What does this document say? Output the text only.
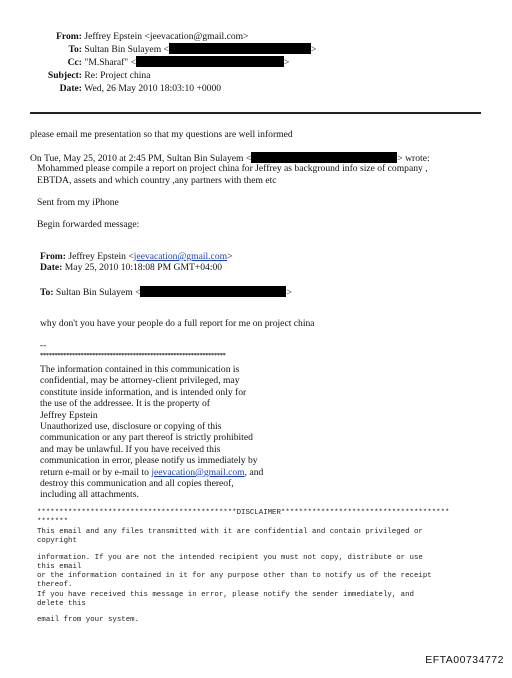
From: Jeffrey Epstein <jeevacation@gmail.com>
To: Sultan Bin Sulayem <	>
Cc: "M.Sharaf" <	>
Subject: Re: Project china
Date: Wed, 26 May 2010 18:03:10 +0000
please email me presentation so that my questions are well informed
On Tue, May 25, 2010 at 2:45 PM, Sultan Bin Sulayem <	> wrote:
Mohammed please compile a report on project china for Jeffrey as background info size of company ,
EBTDA, assets and which country ,any partners with them etc
Sent from my iPhone
Begin forwarded message:
From: Jeffrey Epstein <jeevacation@gmail.com>
Date: May 25, 2010 10:18:08 PM GMT+04:00
To: Sultan Bin Sulayem <	>
why don't you have your people do a full report for me on project china
--
****************************************************************
The information contained in this communication is
confidential, may be attorney-client privileged, may
constitute inside information, and is intended only for
the use of the addressee. It is the property of
Jeffrey Epstein
Unauthorized use, disclosure or copying of this
communication or any part thereof is strictly prohibited
and may be unlawful. If you have received this
communication in error, please notify us immediately by
return e-mail or by e-mail to jeevacation@gmail.com, and
destroy this communication and all copies thereof,
including all attachments.
*********************************************DISCLAIMER**************************************
*******
This email and any files transmitted with it are confidential and contain privileged or
copyright
information. If you are not the intended recipient you must not copy, distribute or use
this email
or the information contained in it for any purpose other than to notify us of the receipt
thereof.
If you have received this message in error, please notify the sender immediately, and
delete this
email from your system.
EFTA00734772
